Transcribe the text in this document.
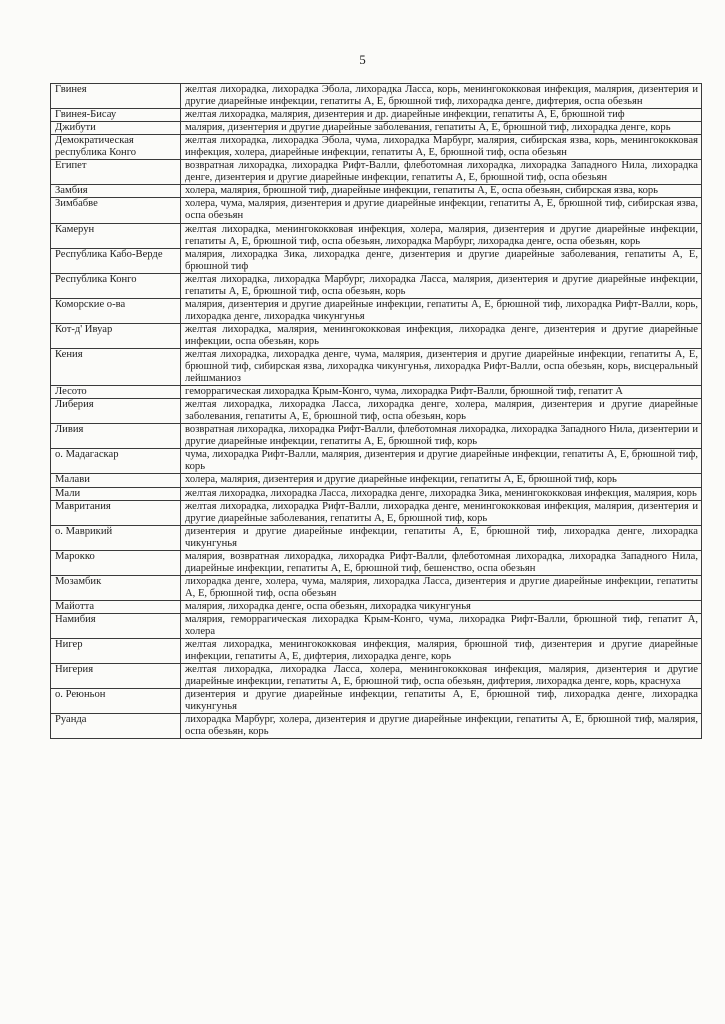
5
Гвинея	желтая лихорадка, лихорадка Эбола, лихорадка Ласса, корь, менингококковая инфекция, малярия, дизентерия и другие диарейные инфекции, гепатиты А, Е, брюшной тиф, лихорадка денге, дифтерия, оспа обезьян
Гвинея-Бисау	желтая лихорадка, малярия, дизентерия и др. диарейные инфекции, гепатиты А, Е, брюшной тиф
Джибути	малярия, дизентерия и другие диарейные заболевания, гепатиты А, Е, брюшной тиф, лихорадка денге, корь
Демократическая республика Конго	желтая лихорадка, лихорадка Эбола, чума, лихорадка Марбург, малярия, сибирская язва, корь, менингококковая инфекция, холера, диарейные инфекции, гепатиты А, Е, брюшной тиф, оспа обезьян
Египет	возвратная лихорадка, лихорадка Рифт-Валли, флеботомная лихорадка, лихорадка Западного Нила, лихорадка денге, дизентерия и другие диарейные инфекции, гепатиты А, Е, брюшной тиф, оспа обезьян
Замбия	холера, малярия, брюшной тиф, диарейные инфекции, гепатиты А, Е, оспа обезьян, сибирская язва, корь
Зимбабве	холера, чума, малярия, дизентерия и другие диарейные инфекции, гепатиты А, Е, брюшной тиф, сибирская язва, оспа обезьян
Камерун	желтая лихорадка, менингококковая инфекция, холера, малярия, дизентерия и другие диарейные инфекции, гепатиты А, Е, брюшной тиф, оспа обезьян, лихорадка Марбург, лихорадка денге, оспа обезьян, корь
Республика Кабо-Верде	малярия, лихорадка Зика, лихорадка денге, дизентерия и другие диарейные заболевания, гепатиты А, Е, брюшной тиф
Республика Конго	желтая лихорадка, лихорадка Марбург, лихорадка Ласса, малярия, дизентерия и другие диарейные инфекции, гепатиты А, Е, брюшной тиф, оспа обезьян, корь
Коморские о-ва	малярия, дизентерия и другие диарейные инфекции, гепатиты А, Е, брюшной тиф, лихорадка Рифт-Валли, корь, лихорадка денге, лихорадка чикунгунья
Кот-д' Ивуар	желтая лихорадка, малярия, менингококковая инфекция, лихорадка денге, дизентерия и другие диарейные инфекции, оспа обезьян, корь
Кения	желтая лихорадка, лихорадка денге, чума, малярия, дизентерия и другие диарейные инфекции, гепатиты А, Е, брюшной тиф, сибирская язва, лихорадка чикунгунья, лихорадка Рифт-Валли, оспа обезьян, корь, висцеральный лейшманиоз
Лесото	геморрагическая лихорадка Крым-Конго, чума, лихорадка Рифт-Валли, брюшной тиф, гепатит А
Либерия	желтая лихорадка, лихорадка Ласса, лихорадка денге, холера, малярия, дизентерия и другие диарейные заболевания, гепатиты А, Е, брюшной тиф, оспа обезьян, корь
Ливия	возвратная лихорадка, лихорадка Рифт-Валли, флеботомная лихорадка, лихорадка Западного Нила, дизентерии и другие диарейные инфекции, гепатиты А, Е, брюшной тиф, корь
о. Мадагаскар	чума, лихорадка Рифт-Валли, малярия, дизентерия и другие диарейные инфекции, гепатиты А, Е, брюшной тиф, корь
Малави	холера, малярия, дизентерия и другие диарейные инфекции, гепатиты А, Е, брюшной тиф, корь
Мали	желтая лихорадка, лихорадка Ласса, лихорадка денге, лихорадка Зика, менингококковая инфекция, малярия, корь
Мавритания	желтая лихорадка, лихорадка Рифт-Валли, лихорадка денге, менингококковая инфекция, малярия, дизентерия и другие диарейные заболевания, гепатиты А, Е, брюшной тиф, корь
о. Маврикий	дизентерия и другие диарейные инфекции, гепатиты А, Е, брюшной тиф, лихорадка денге, лихорадка чикунгунья
Марокко	малярия, возвратная лихорадка, лихорадка Рифт-Валли, флеботомная лихорадка, лихорадка Западного Нила, диарейные инфекции, гепатиты А, Е, брюшной тиф, бешенство, оспа обезьян
Мозамбик	лихорадка денге, холера, чума, малярия, лихорадка Ласса, дизентерия и другие диарейные инфекции, гепатиты А, Е, брюшной тиф, оспа обезьян
Майотта	малярия, лихорадка денге, оспа обезьян, лихорадка чикунгунья
Намибия	малярия, геморрагическая лихорадка Крым-Конго, чума, лихорадка Рифт-Валли, брюшной тиф, гепатит А, холера
Нигер	желтая лихорадка, менингококковая инфекция, малярия, брюшной тиф, дизентерия и другие диарейные инфекции, гепатиты А, Е, дифтерия, лихорадка денге, корь
Нигерия	желтая лихорадка, лихорадка Ласса, холера, менингококковая инфекция, малярия, дизентерия и другие диарейные инфекции, гепатиты А, Е, брюшной тиф, оспа обезьян, дифтерия, лихорадка денге, корь, краснуха
о. Реюньон	дизентерия и другие диарейные инфекции, гепатиты А, Е, брюшной тиф, лихорадка денге, лихорадка чикунгунья
Руанда	лихорадка Марбург, холера, дизентерия и другие диарейные инфекции, гепатиты А, Е, брюшной тиф, малярия, оспа обезьян, корь
